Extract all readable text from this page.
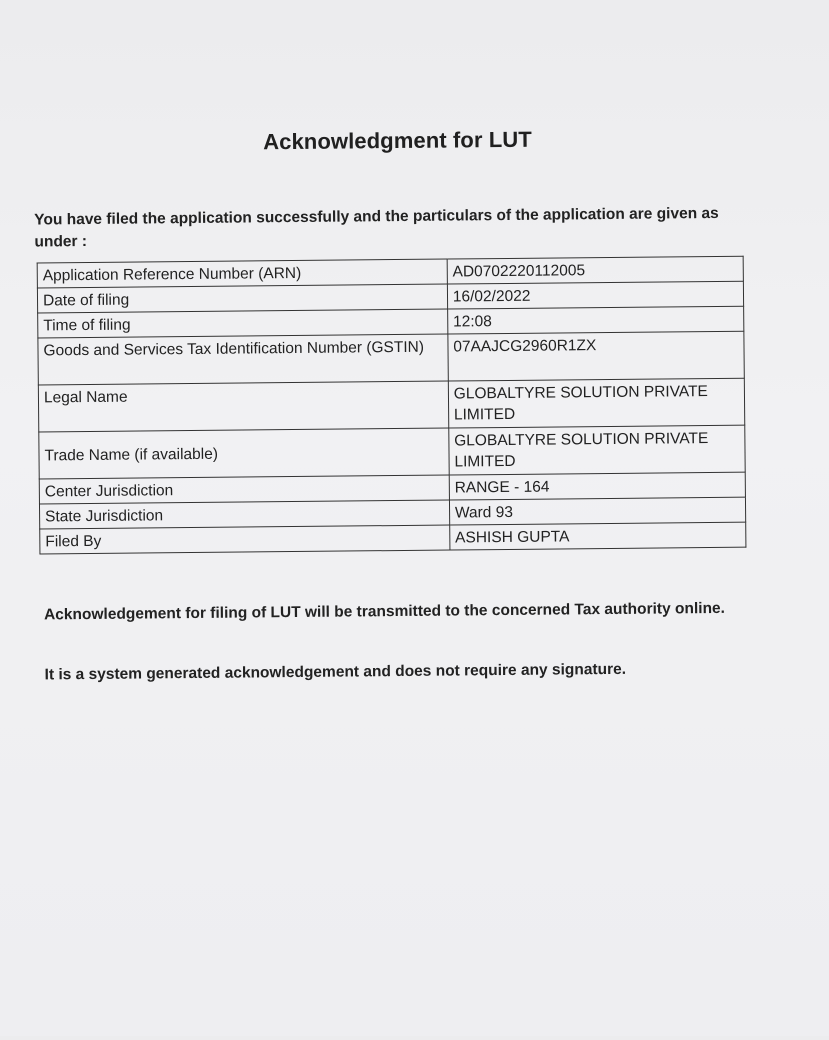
Acknowledgment for LUT
You have filed the application successfully and the particulars of the application are given as under :
Application Reference Number (ARN)	AD0702220112005
Date of filing	16/02/2022
Time of filing	12:08
Goods and Services Tax Identification Number (GSTIN)	07AAJCG2960R1ZX
Legal Name	GLOBALTYRE SOLUTION PRIVATE LIMITED
Trade Name (if available)	GLOBALTYRE SOLUTION PRIVATE LIMITED
Center Jurisdiction	RANGE - 164
State Jurisdiction	Ward 93
Filed By	ASHISH GUPTA
Acknowledgement for filing of LUT will be transmitted to the concerned Tax authority online.
It is a system generated acknowledgement and does not require any signature.
